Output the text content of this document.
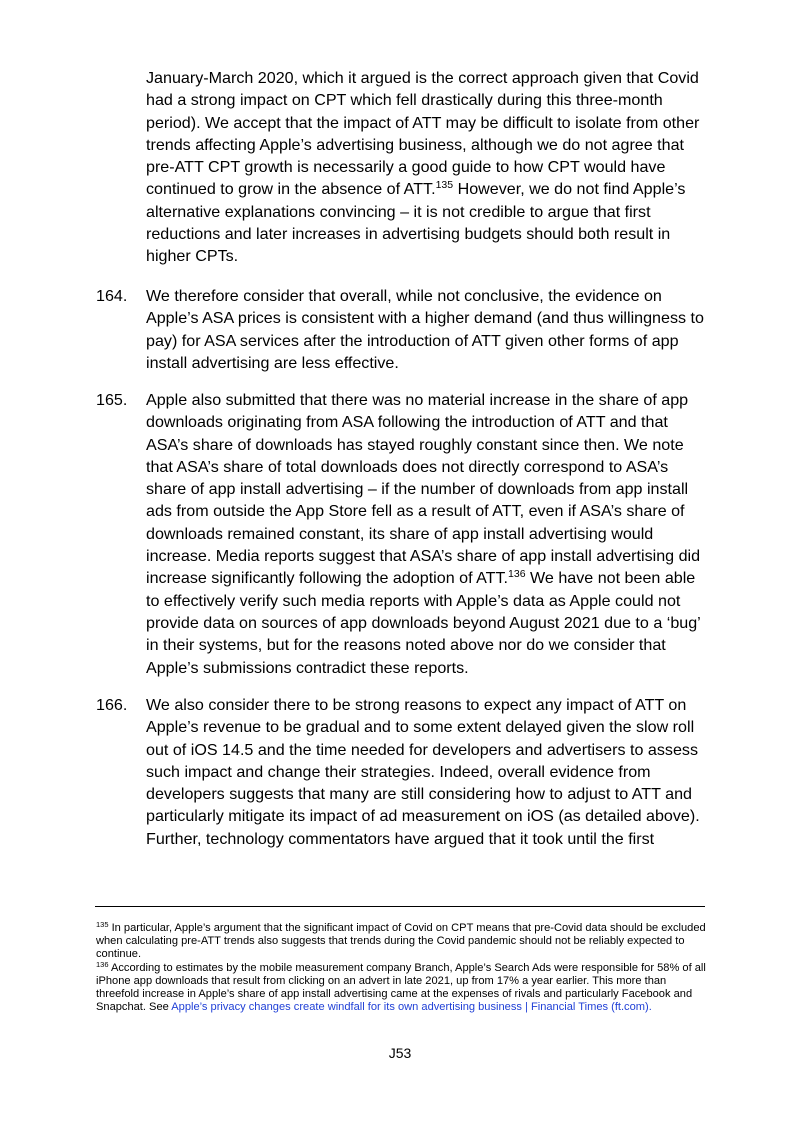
January-March 2020, which it argued is the correct approach given that Covid had a strong impact on CPT which fell drastically during this three-month period). We accept that the impact of ATT may be difficult to isolate from other trends affecting Apple’s advertising business, although we do not agree that pre-ATT CPT growth is necessarily a good guide to how CPT would have continued to grow in the absence of ATT.$^{135}$ However, we do not find Apple’s alternative explanations convincing – it is not credible to argue that first reductions and later increases in advertising budgets should both result in higher CPTs.
164. We therefore consider that overall, while not conclusive, the evidence on Apple’s ASA prices is consistent with a higher demand (and thus willingness to pay) for ASA services after the introduction of ATT given other forms of app install advertising are less effective.
165. Apple also submitted that there was no material increase in the share of app downloads originating from ASA following the introduction of ATT and that ASA’s share of downloads has stayed roughly constant since then. We note that ASA’s share of total downloads does not directly correspond to ASA’s share of app install advertising – if the number of downloads from app install ads from outside the App Store fell as a result of ATT, even if ASA’s share of downloads remained constant, its share of app install advertising would increase. Media reports suggest that ASA’s share of app install advertising did increase significantly following the adoption of ATT.$^{136}$ We have not been able to effectively verify such media reports with Apple’s data as Apple could not provide data on sources of app downloads beyond August 2021 due to a ‘bug’ in their systems, but for the reasons noted above nor do we consider that Apple’s submissions contradict these reports.
166. We also consider there to be strong reasons to expect any impact of ATT on Apple’s revenue to be gradual and to some extent delayed given the slow roll out of iOS 14.5 and the time needed for developers and advertisers to assess such impact and change their strategies. Indeed, overall evidence from developers suggests that many are still considering how to adjust to ATT and particularly mitigate its impact of ad measurement on iOS (as detailed above). Further, technology commentators have argued that it took until the first
$^{135}$ In particular, Apple’s argument that the significant impact of Covid on CPT means that pre-Covid data should be excluded when calculating pre-ATT trends also suggests that trends during the Covid pandemic should not be reliably expected to continue.
$^{136}$ According to estimates by the mobile measurement company Branch, Apple’s Search Ads were responsible for 58% of all iPhone app downloads that result from clicking on an advert in late 2021, up from 17% a year earlier. This more than threefold increase in Apple’s share of app install advertising came at the expenses of rivals and particularly Facebook and Snapchat. See Apple’s privacy changes create windfall for its own advertising business | Financial Times (ft.com).
J53
